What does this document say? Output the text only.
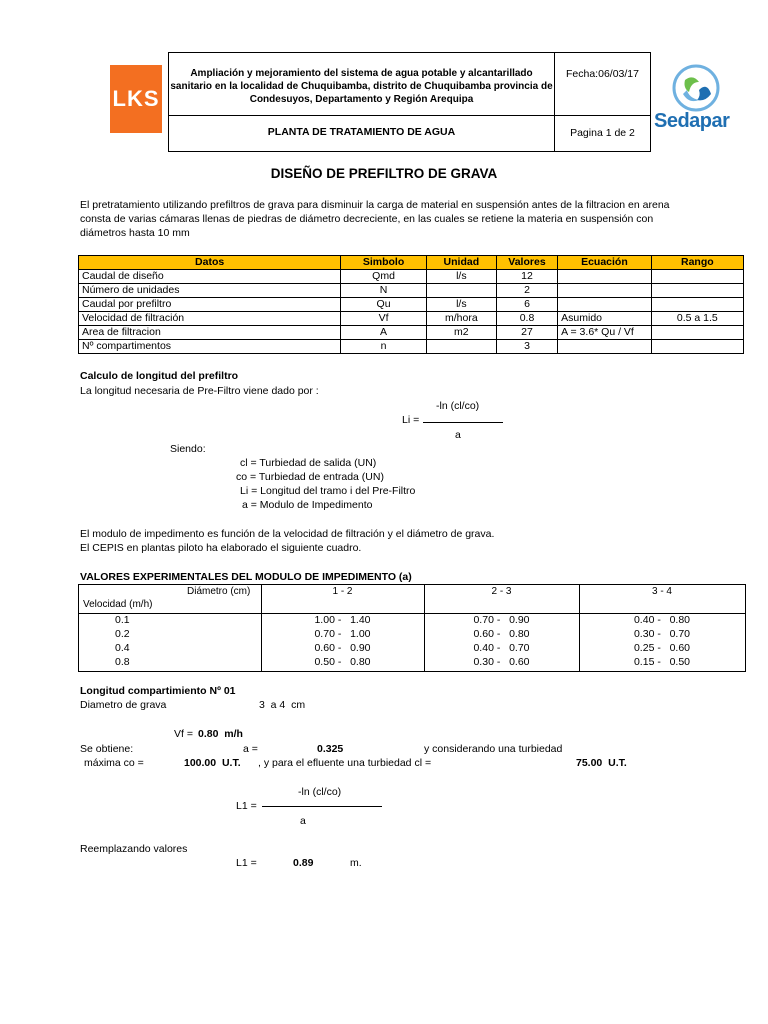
LKS
Ampliación y mejoramiento del sistema de agua potable y alcantarillado sanitario en la localidad de Chuquibamba, distrito de Chuquibamba provincia de Condesuyos, Departamento y Región Arequipa
PLANTA DE TRATAMIENTO DE AGUA
Fecha:06/03/17
Pagina 1 de 2
Sedapar
DISEÑO DE PREFILTRO DE GRAVA
El pretratamiento utilizando prefiltros de grava para disminuir la carga de material en suspensión antes de la filtracion en arena consta de varias cámaras llenas de piedras de diámetro decreciente, en las cuales se retiene la materia en suspensión con diámetros hasta 10 mm
Datos	Simbolo	Unidad	Valores	Ecuación	Rango
Caudal de diseño	Qmd	l/s	12		
Número de unidades	N		2		
Caudal por prefiltro	Qu	l/s	6		
Velocidad de filtración	Vf	m/hora	0.8	Asumido	0.5 a 1.5
Area de filtracion	A	m2	27	A = 3.6* Qu / Vf	
Nº compartimentos	n		3		
Calculo de longitud del prefiltro
La longitud necesaria de Pre-Filtro viene dado por :
-ln (cl/co)
Li =
a
Siendo:
cl = Turbiedad de salida (UN)
co = Turbiedad de entrada (UN)
Li = Longitud del tramo i del Pre-Filtro
a = Modulo de Impedimento
El modulo de impedimento es función de la velocidad de filtración y el diámetro de grava.
El CEPIS en plantas piloto ha elaborado el siguiente cuadro.
VALORES EXPERIMENTALES DEL MODULO DE IMPEDIMENTO (a)
Diámetro (cm)
Velocidad (m/h)
1 - 2	2 - 3	3 - 4
0.1	1.00 -   1.40	0.70 -   0.90	0.40 -   0.80
0.2	0.70 -   1.00	0.60 -   0.80	0.30 -   0.70
0.4	0.60 -   0.90	0.40 -   0.70	0.25 -   0.60
0.8	0.50 -   0.80	0.30 -   0.60	0.15 -   0.50
Longitud compartimiento Nº 01
Diametro de grava	3  a 4  cm
Vf = 0.80  m/h
Se obtiene:	a =	0.325	y considerando una turbiedad
máxima co =	100.00  U.T. , y para el efluente una turbiedad cl =	75.00  U.T.
-ln (cl/co)
L1 =
a
Reemplazando valores
L1 =	0.89	m.
